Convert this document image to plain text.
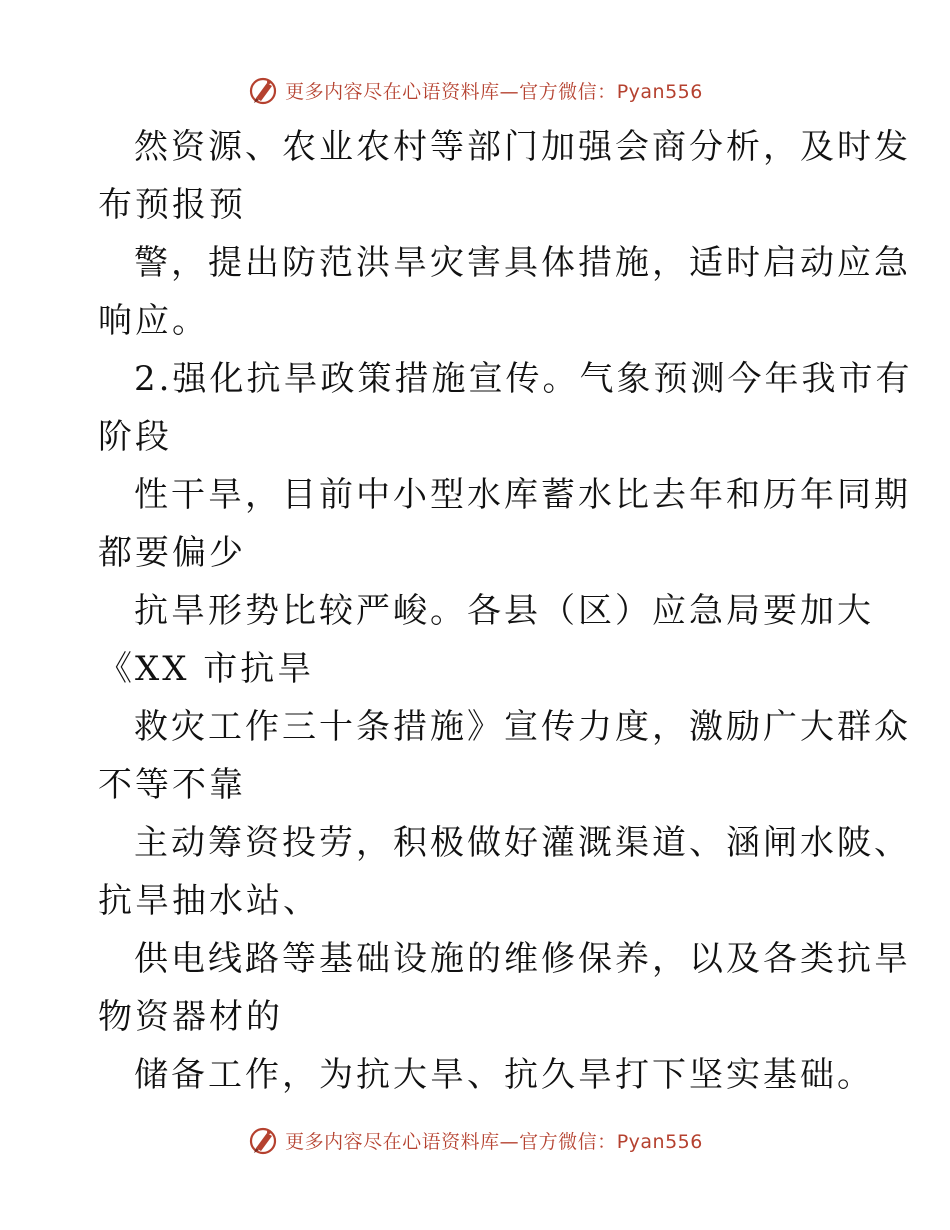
更多内容尽在心语资料库—官方微信：Pyan556
然资源、农业农村等部门加强会商分析，及时发
布预报预
警，提出防范洪旱灾害具体措施，适时启动应急
响应。
2.强化抗旱政策措施宣传。气象预测今年我市有
阶段
性干旱，目前中小型水库蓄水比去年和历年同期
都要偏少
抗旱形势比较严峻。各县（区）应急局要加大
《XX 市抗旱
救灾工作三十条措施》宣传力度，激励广大群众
不等不靠
主动筹资投劳，积极做好灌溉渠道、涵闸水陂、
抗旱抽水站、
供电线路等基础设施的维修保养，以及各类抗旱
物资器材的
储备工作，为抗大旱、抗久旱打下坚实基础。
更多内容尽在心语资料库—官方微信：Pyan556
